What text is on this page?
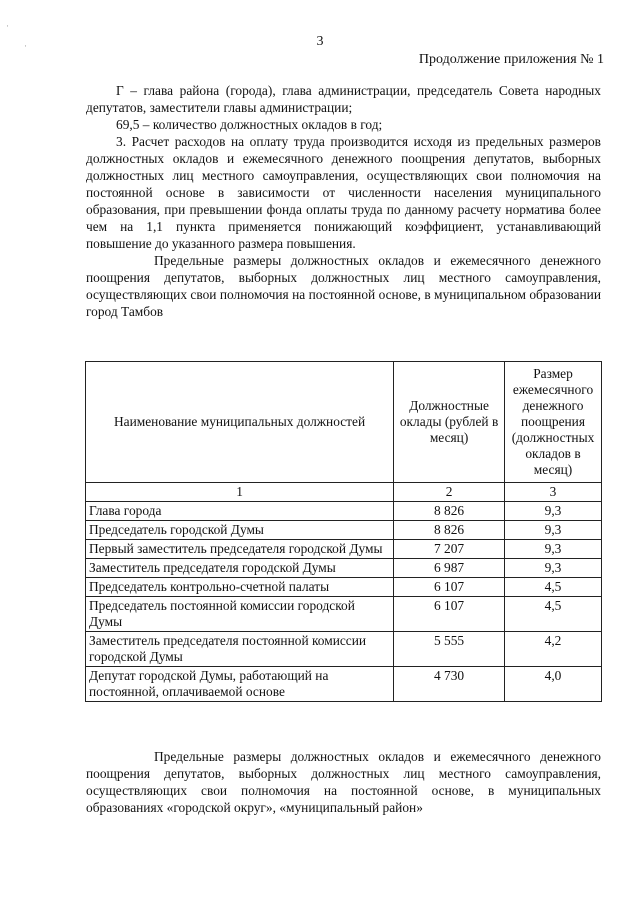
·
·	3
Продолжение приложения № 1

Г – глава района (города), глава администрации, председатель Совета народных депутатов, заместители главы администрации;

69,5 – количество должностных окладов в год;

3. Расчет расходов на оплату труда производится исходя из предельных размеров должностных окладов и ежемесячного денежного поощрения депутатов, выборных должностных лиц местного самоуправления, осуществляющих свои полномочия на постоянной основе в зависимости от численности населения муниципального образования, при превышении фонда оплаты труда по данному расчету норматива более чем на 1,1 пункта применяется понижающий коэффициент, устанавливающий повышение до указанного размера повышения.

Предельные размеры должностных окладов и ежемесячного денежного поощрения депутатов, выборных должностных лиц местного самоуправления, осуществляющих свои полномочия на постоянной основе, в муниципальном образовании город Тамбов

Наименование муниципальных должностей	Должностные оклады (рублей в месяц)	Размер ежемесячного денежного поощрения (должностных окладов в месяц)
1	2	3
Глава города	8 826	9,3
Председатель городской Думы	8 826	9,3
Первый заместитель председателя городской Думы	7 207	9,3
Заместитель председателя городской Думы	6 987	9,3
Председатель контрольно-счетной палаты	6 107	4,5
Председатель постоянной комиссии городской Думы	6 107	4,5
Заместитель председателя постоянной комиссии городской Думы	5 555	4,2
Депутат городской Думы, работающий на постоянной, оплачиваемой основе	4 730	4,0

Предельные размеры должностных окладов и ежемесячного денежного поощрения депутатов, выборных должностных лиц местного самоуправления, осуществляющих свои полномочия на постоянной основе, в муниципальных образованиях «городской округ», «муниципальный район»
